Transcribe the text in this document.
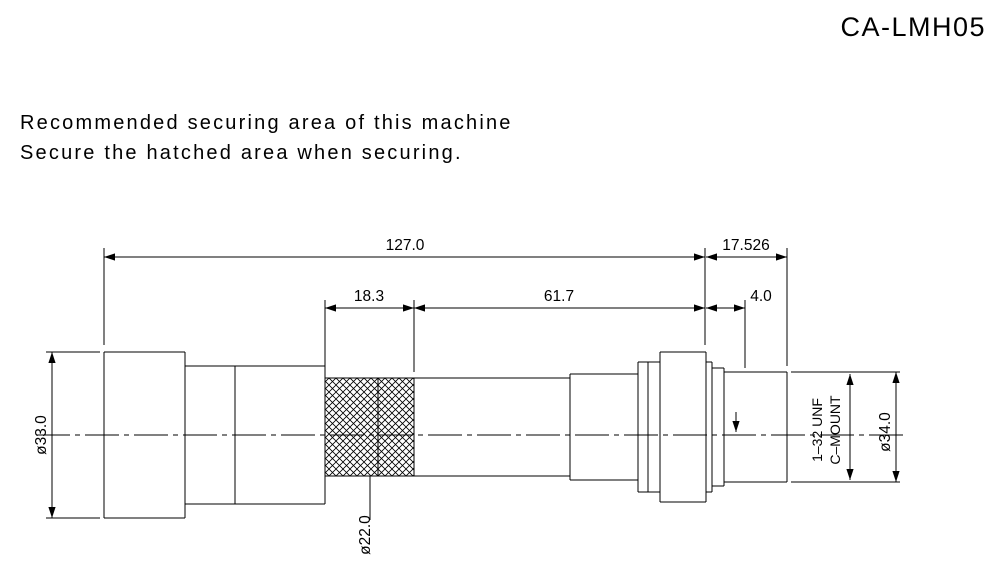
CA-LMH05
Recommended securing area of this machine
Secure the hatched area when securing.
127.0	17.526
18.3	61.7	4.0
ø33.0	ø34.0
ø22.0
1–32 UNF C–MOUNT
